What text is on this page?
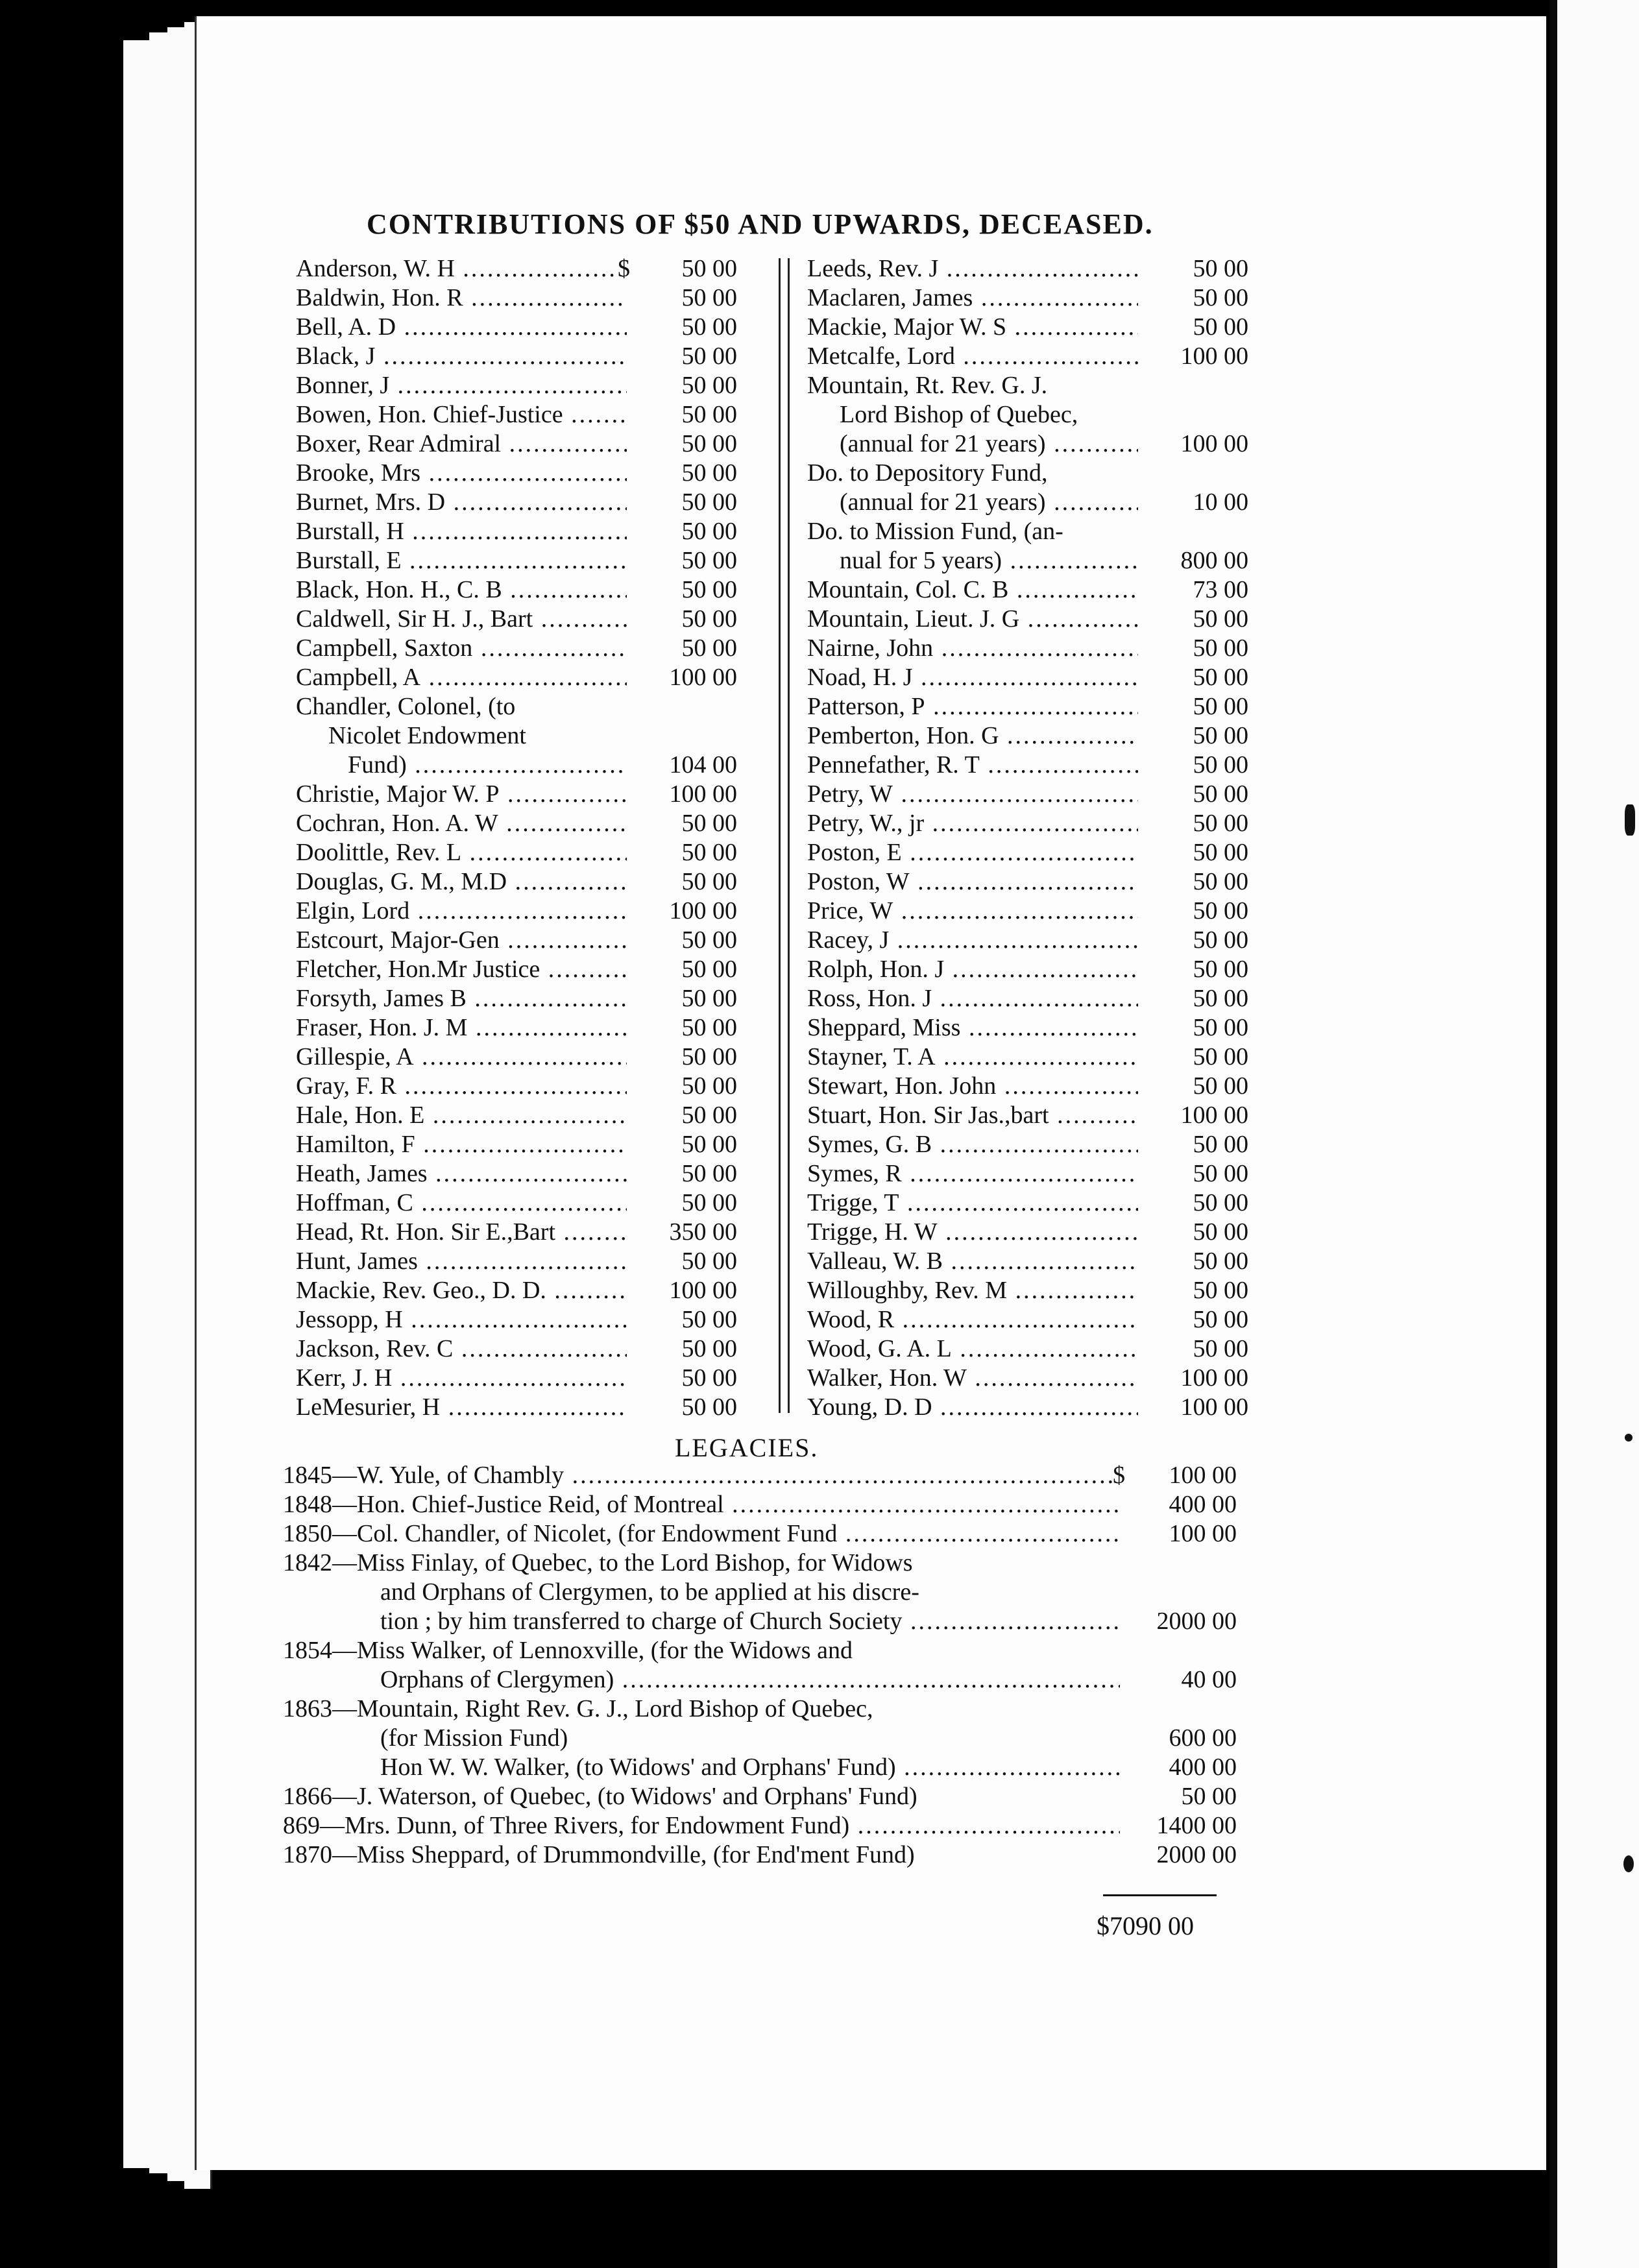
CONTRIBUTIONS OF $50 AND UPWARDS, DECEASED.
Anderson, W. H .....	$	50 00
Baldwin, Hon. R .....	50 00
Bell, A. D .....	50 00
Black, J .....	50 00
Bonner, J .....	50 00
Bowen, Hon. Chief-Justice .....	50 00
Boxer, Rear Admiral .....	50 00
Brooke, Mrs .....	50 00
Burnet, Mrs. D .....	50 00
Burstall, H .....	50 00
Burstall, E .....	50 00
Black, Hon. H., C. B .....	50 00
Caldwell, Sir H. J., Bart .....	50 00
Campbell, Saxton .....	50 00
Campbell, A .....	100 00
Chandler, Colonel, (to
Nicolet Endowment
Fund) .....	104 00
Christie, Major W. P .....	100 00
Cochran, Hon. A. W .....	50 00
Doolittle, Rev. L .....	50 00
Douglas, G. M., M.D .....	50 00
Elgin, Lord .....	100 00
Estcourt, Major-Gen .....	50 00
Fletcher, Hon.Mr Justice .....	50 00
Forsyth, James B .....	50 00
Fraser, Hon. J. M .....	50 00
Gillespie, A .....	50 00
Gray, F. R .....	50 00
Hale, Hon. E .....	50 00
Hamilton, F .....	50 00
Heath, James .....	50 00
Hoffman, C .....	50 00
Head, Rt. Hon. Sir E.,Bart .....	350 00
Hunt, James .....	50 00
Mackie, Rev. Geo., D. D. .....	100 00
Jessopp, H .....	50 00
Jackson, Rev. C .....	50 00
Kerr, J. H .....	50 00
LeMesurier, H .....	50 00
Leeds, Rev. J .....	50 00
Maclaren, James .....	50 00
Mackie, Major W. S .....	50 00
Metcalfe, Lord .....	100 00
Mountain, Rt. Rev. G. J.
Lord Bishop of Quebec,
(annual for 21 years) .....	100 00
Do. to Depository Fund,
(annual for 21 years) .....	10 00
Do. to Mission Fund, (an-
nual for 5 years) .....	800 00
Mountain, Col. C. B .....	73 00
Mountain, Lieut. J. G .....	50 00
Nairne, John .....	50 00
Noad, H. J .....	50 00
Patterson, P .....	50 00
Pemberton, Hon. G .....	50 00
Pennefather, R. T .....	50 00
Petry, W .....	50 00
Petry, W., jr .....	50 00
Poston, E .....	50 00
Poston, W .....	50 00
Price, W .....	50 00
Racey, J .....	50 00
Rolph, Hon. J .....	50 00
Ross, Hon. J .....	50 00
Sheppard, Miss .....	50 00
Stayner, T. A .....	50 00
Stewart, Hon. John .....	50 00
Stuart, Hon. Sir Jas.,bart .....	100 00
Symes, G. B .....	50 00
Symes, R .....	50 00
Trigge, T .....	50 00
Trigge, H. W .....	50 00
Valleau, W. B .....	50 00
Willoughby, Rev. M .....	50 00
Wood, R .....	50 00
Wood, G. A. L .....	50 00
Walker, Hon. W .....	100 00
Young, D. D .....	100 00
LEGACIES.
1845—W. Yule, of Chambly .....	$	100 00
1848—Hon. Chief-Justice Reid, of Montreal .....	400 00
1850—Col. Chandler, of Nicolet, (for Endowment Fund .....	100 00
1842—Miss Finlay, of Quebec, to the Lord Bishop, for Widows
and Orphans of Clergymen, to be applied at his discre-
tion ; by him transferred to charge of Church Society .....	2000 00
1854—Miss Walker, of Lennoxville, (for the Widows and
Orphans of Clergymen) .....	40 00
1863—Mountain, Right Rev. G. J., Lord Bishop of Quebec,
(for Mission Fund)	600 00
Hon W. W. Walker, (to Widows' and Orphans' Fund) .....	400 00
1866—J. Waterson, of Quebec, (to Widows' and Orphans' Fund)	50 00
869—Mrs. Dunn, of Three Rivers, for Endowment Fund) .....	1400 00
1870—Miss Sheppard, of Drummondville, (for End'ment Fund)	2000 00
$7090 00
